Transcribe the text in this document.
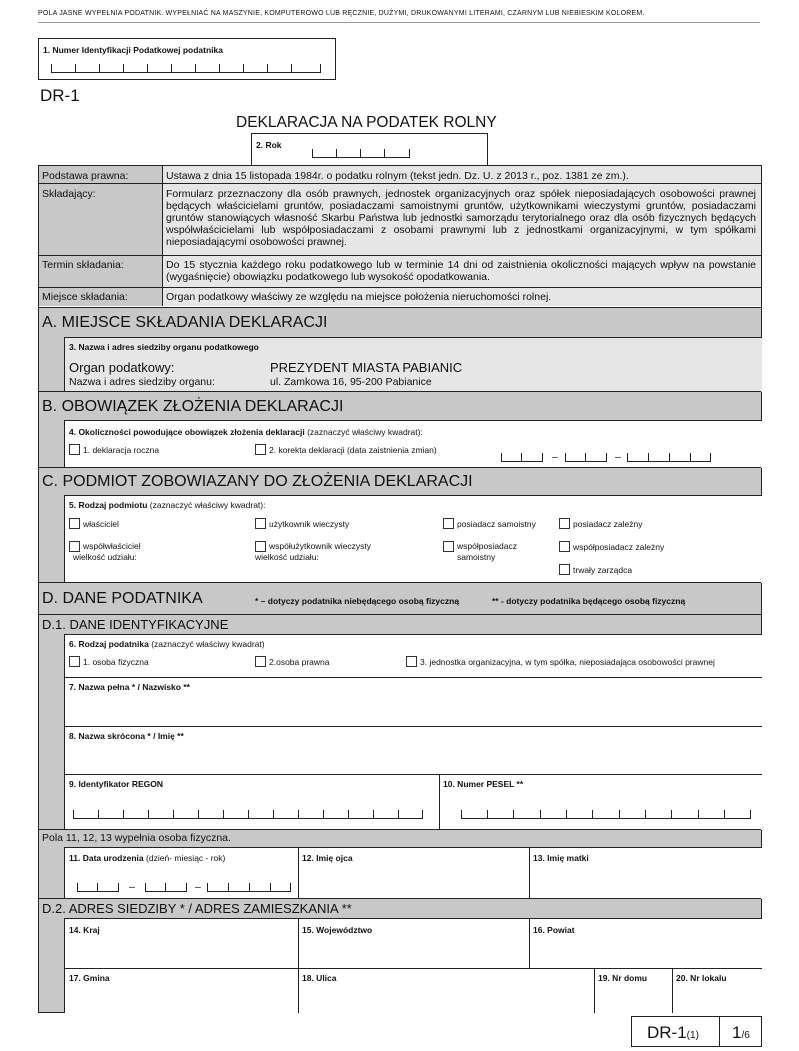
POLA JASNE WYPEŁNIA PODATNIK. WYPEŁNIAĆ NA MASZYNIE, KOMPUTEROWO LUB RĘCZNIE, DUŻYMI, DRUKOWANYMI LITERAMI, CZARNYM LUB NIEBIESKIM KOLOREM.
1. Numer Identyfikacji Podatkowej podatnika
DR-1
DEKLARACJA NA PODATEK ROLNY
2. Rok
Podstawa prawna:	Ustawa z dnia 15 listopada 1984r. o podatku rolnym (tekst jedn. Dz. U. z 2013 r., poz. 1381 ze zm.).
Składający:	Formularz przeznaczony dla osób prawnych, jednostek organizacyjnych oraz spółek nieposiadających osobowości prawnej będących właścicielami gruntów, posiadaczami samoistnymi gruntów, użytkownikami wieczystymi gruntów, posiadaczami gruntów stanowiących własność Skarbu Państwa lub jednostki samorządu terytorialnego oraz dla osób fizycznych będących współwłaścicielami lub współposiadaczami z osobami prawnymi lub z jednostkami organizacyjnymi, w tym spółkami nieposiadającymi osobowości prawnej.

Termin składania:	Do 15 stycznia każdego roku podatkowego lub w terminie 14 dni od zaistnienia okoliczności mających wpływ na powstanie (wygaśnięcie) obowiązku podatkowego lub wysokość opodatkowania.

Miejsce składania:	Organ podatkowy właściwy ze względu na miejsce położenia nieruchomości rolnej.
A. MIEJSCE SKŁADANIA DEKLARACJI
3. Nazwa i adres siedziby organu podatkowego
Organ podatkowy:	PREZYDENT MIASTA PABIANIC
Nazwa i adres siedziby organu:	ul. Zamkowa 16, 95-200 Pabianice
B. OBOWIĄZEK ZŁOŻENIA DEKLARACJI
4. Okoliczności powodujące obowiązek złożenia deklaracji (zaznaczyć właściwy kwadrat):
1. deklaracja roczna	2. korekta deklaracji (data zaistnienia zmian)
–	–
C. PODMIOT ZOBOWIAZANY DO ZŁOŻENIA DEKLARACJI
5. Rodzaj podmiotu (zaznaczyć właściwy kwadrat):
właściciel	użytkownik wieczysty	posiadacz samoistny	posiadacz zależny
współwłaściciel
wielkość udziału:
współużytkownik wieczysty
wielkość udziału:
współposiadacz
samoistny
współposiadacz zależny
trwały zarządca
D. DANE PODATNIKA	* – dotyczy podatnika niebędącego osobą fizyczną	** - dotyczy podatnika będącego osobą fizyczną
D.1. DANE IDENTYFIKACYJNE
6. Rodzaj podatnika (zaznaczyć właściwy kwadrat)
1. osoba fizyczna	2.osoba prawna	3. jednostka organizacyjna, w tym spółka, nieposiadająca osobowości prawnej
7. Nazwa pełna * / Nazwisko **
8. Nazwa skrócona * / Imię **
9. Identyfikator REGON	10. Numer PESEL **
Pola 11, 12, 13 wypełnia osoba fizyczna.
11. Data urodzenia (dzień- miesiąc - rok)
–	–
12. Imię ojca	13. Imię matki
D.2. ADRES SIEDZIBY * / ADRES ZAMIESZKANIA **
14. Kraj	15. Województwo	16. Powiat
17. Gmina	18. Ulica	19. Nr domu	20. Nr lokalu
DR-1(1) 1/6
